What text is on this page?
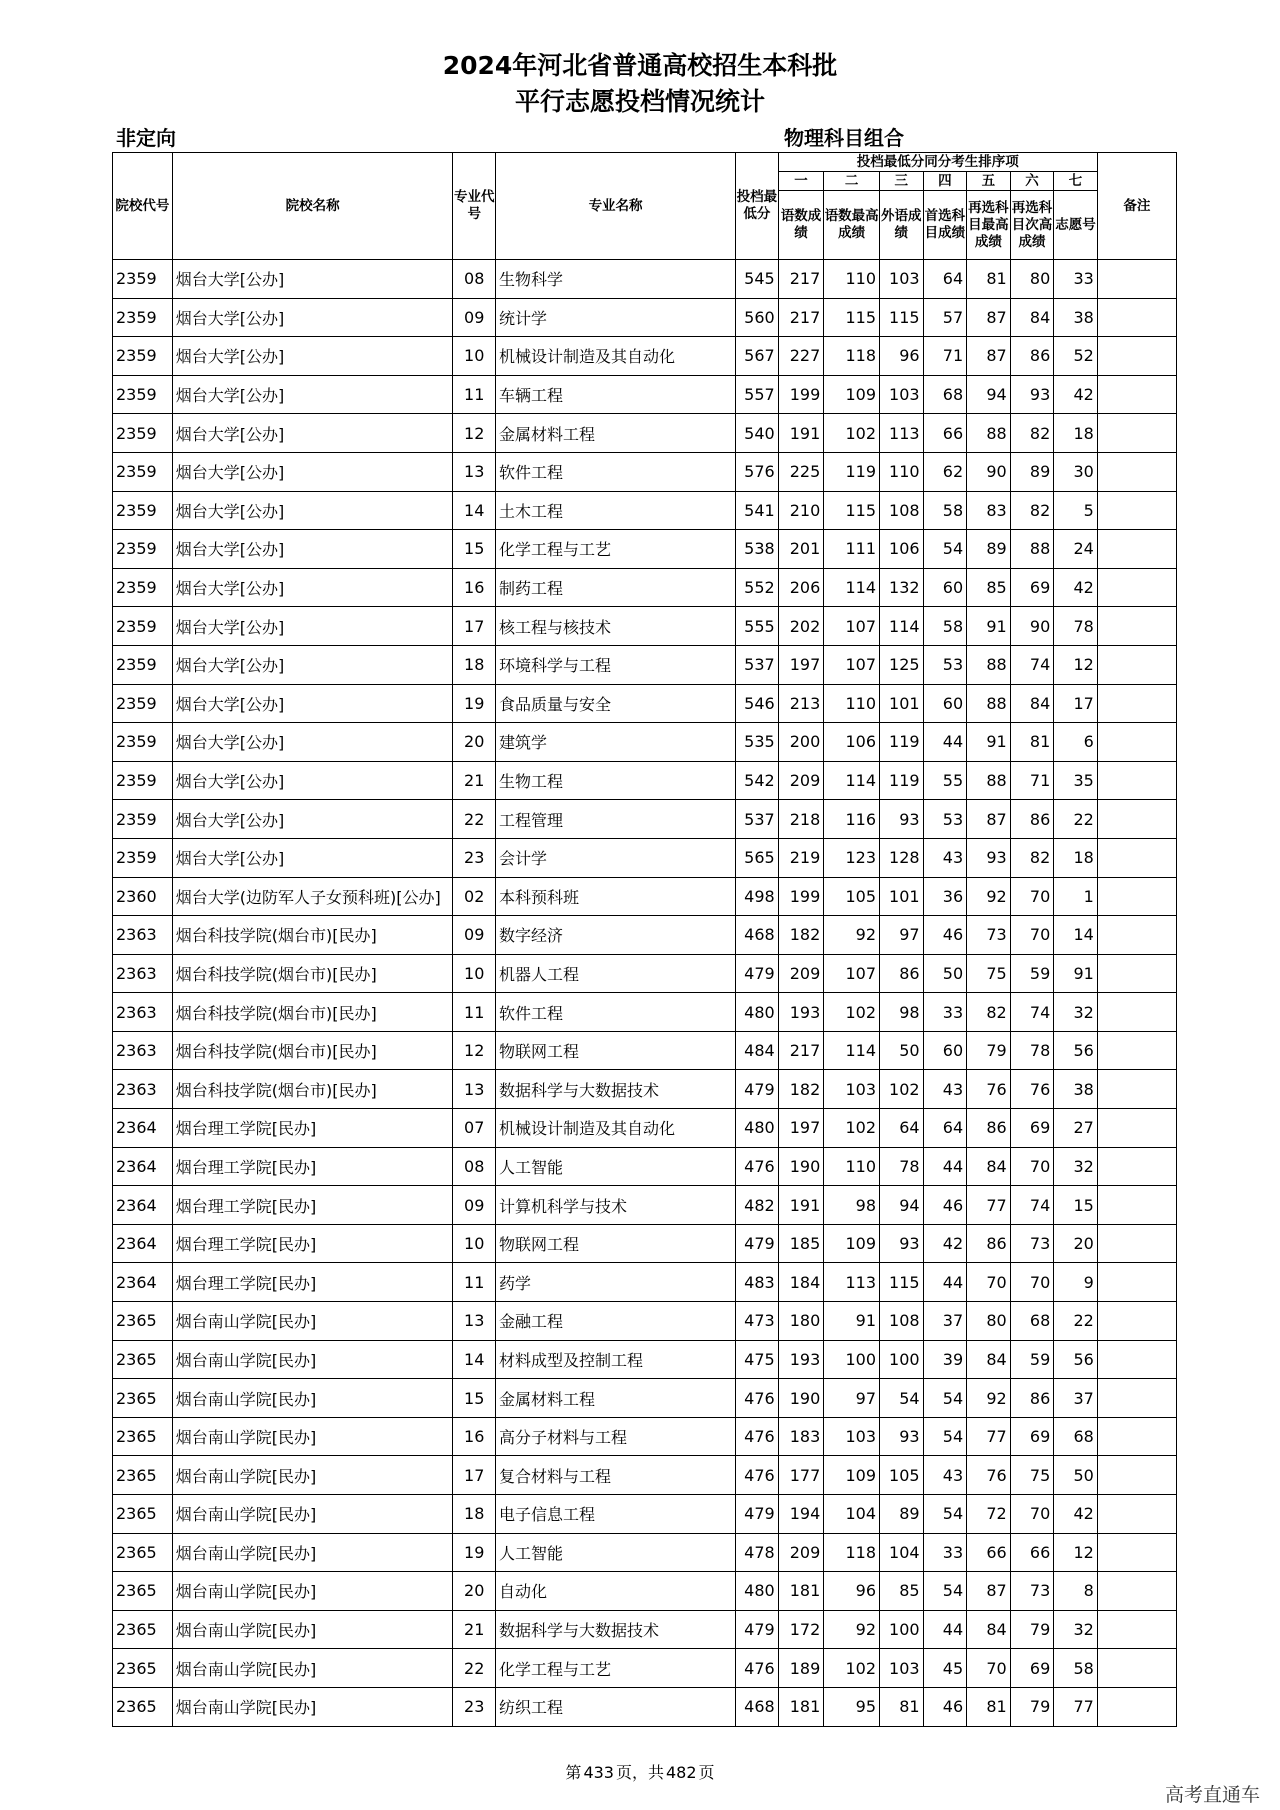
2024年河北省普通高校招生本科批
平行志愿投档情况统计
非定向	物理科目组合
院校代号	院校名称	专业代号	专业名称	投档最低分	投档最低分同分考生排序项							备注
					一	二	三	四	五	六	七	
					语数成绩	语数最高成绩	外语成绩	首选科目成绩	再选科目最高成绩	再选科目次高成绩	志愿号	
2359	烟台大学[公办]	08	生物科学	545	217	110	103	64	81	80	33	
2359	烟台大学[公办]	09	统计学	560	217	115	115	57	87	84	38	
2359	烟台大学[公办]	10	机械设计制造及其自动化	567	227	118	96	71	87	86	52	
2359	烟台大学[公办]	11	车辆工程	557	199	109	103	68	94	93	42	
2359	烟台大学[公办]	12	金属材料工程	540	191	102	113	66	88	82	18	
2359	烟台大学[公办]	13	软件工程	576	225	119	110	62	90	89	30	
2359	烟台大学[公办]	14	土木工程	541	210	115	108	58	83	82	5	
2359	烟台大学[公办]	15	化学工程与工艺	538	201	111	106	54	89	88	24	
2359	烟台大学[公办]	16	制药工程	552	206	114	132	60	85	69	42	
2359	烟台大学[公办]	17	核工程与核技术	555	202	107	114	58	91	90	78	
2359	烟台大学[公办]	18	环境科学与工程	537	197	107	125	53	88	74	12	
2359	烟台大学[公办]	19	食品质量与安全	546	213	110	101	60	88	84	17	
2359	烟台大学[公办]	20	建筑学	535	200	106	119	44	91	81	6	
2359	烟台大学[公办]	21	生物工程	542	209	114	119	55	88	71	35	
2359	烟台大学[公办]	22	工程管理	537	218	116	93	53	87	86	22	
2359	烟台大学[公办]	23	会计学	565	219	123	128	43	93	82	18	
2360	烟台大学(边防军人子女预科班)[公办]	02	本科预科班	498	199	105	101	36	92	70	1	
2363	烟台科技学院(烟台市)[民办]	09	数字经济	468	182	92	97	46	73	70	14	
2363	烟台科技学院(烟台市)[民办]	10	机器人工程	479	209	107	86	50	75	59	91	
2363	烟台科技学院(烟台市)[民办]	11	软件工程	480	193	102	98	33	82	74	32	
2363	烟台科技学院(烟台市)[民办]	12	物联网工程	484	217	114	50	60	79	78	56	
2363	烟台科技学院(烟台市)[民办]	13	数据科学与大数据技术	479	182	103	102	43	76	76	38	
2364	烟台理工学院[民办]	07	机械设计制造及其自动化	480	197	102	64	64	86	69	27	
2364	烟台理工学院[民办]	08	人工智能	476	190	110	78	44	84	70	32	
2364	烟台理工学院[民办]	09	计算机科学与技术	482	191	98	94	46	77	74	15	
2364	烟台理工学院[民办]	10	物联网工程	479	185	109	93	42	86	73	20	
2364	烟台理工学院[民办]	11	药学	483	184	113	115	44	70	70	9	
2365	烟台南山学院[民办]	13	金融工程	473	180	91	108	37	80	68	22	
2365	烟台南山学院[民办]	14	材料成型及控制工程	475	193	100	100	39	84	59	56	
2365	烟台南山学院[民办]	15	金属材料工程	476	190	97	54	54	92	86	37	
2365	烟台南山学院[民办]	16	高分子材料与工程	476	183	103	93	54	77	69	68	
2365	烟台南山学院[民办]	17	复合材料与工程	476	177	109	105	43	76	75	50	
2365	烟台南山学院[民办]	18	电子信息工程	479	194	104	89	54	72	70	42	
2365	烟台南山学院[民办]	19	人工智能	478	209	118	104	33	66	66	12	
2365	烟台南山学院[民办]	20	自动化	480	181	96	85	54	87	73	8	
2365	烟台南山学院[民办]	21	数据科学与大数据技术	479	172	92	100	44	84	79	32	
2365	烟台南山学院[民办]	22	化学工程与工艺	476	189	102	103	45	70	69	58	
2365	烟台南山学院[民办]	23	纺织工程	468	181	95	81	46	81	79	77	
第 433 页，共 482 页
高考直通车
